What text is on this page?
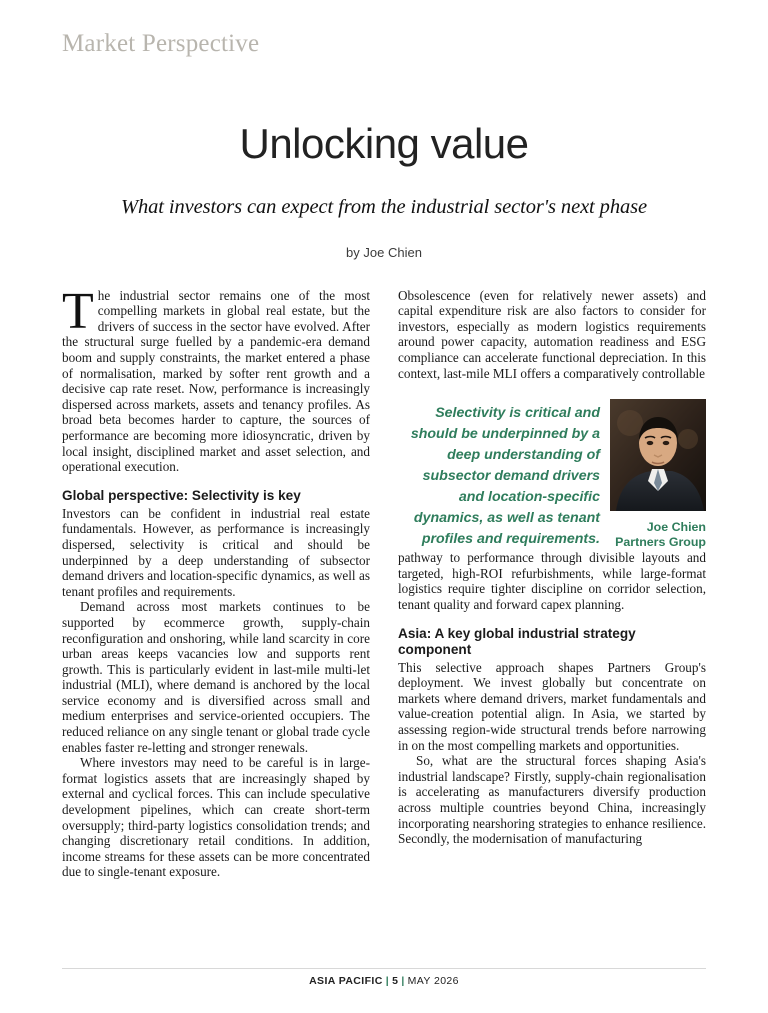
Market Perspective
Unlocking value
What investors can expect from the industrial sector's next phase
by Joe Chien

The industrial sector remains one of the most compelling markets in global real estate, but the drivers of success in the sector have evolved. After the structural surge fuelled by a pandemic-era demand boom and supply constraints, the market entered a phase of normalisation, marked by softer rent growth and a decisive cap rate reset. Now, performance is increasingly dispersed across markets, assets and tenancy profiles. As broad beta becomes harder to capture, the sources of performance are becoming more idiosyncratic, driven by local insight, disciplined market and asset selection, and operational execution.

Global perspective: Selectivity is key

Investors can be confident in industrial real estate fundamentals. However, as performance is increasingly dispersed, selectivity is critical and should be underpinned by a deep understanding of subsector demand drivers and location-specific dynamics, as well as tenant profiles and requirements.

Demand across most markets continues to be supported by ecommerce growth, supply-chain reconfiguration and onshoring, while land scarcity in core urban areas keeps vacancies low and supports rent growth. This is particularly evident in last-mile multi-let industrial (MLI), where demand is anchored by the local service economy and is diversified across small and medium enterprises and service-oriented occupiers. The reduced reliance on any single tenant or global trade cycle enables faster re-letting and stronger renewals.

Where investors may need to be careful is in large-format logistics assets that are increasingly shaped by external and cyclical forces. This can include speculative development pipelines, which can create short-term oversupply; third-party logistics consolidation trends; and changing discretionary retail conditions. In addition, income streams for these assets can be more concentrated due to single-tenant exposure.

Obsolescence (even for relatively newer assets) and capital expenditure risk are also factors to consider for investors, especially as modern logistics requirements around power capacity, automation readiness and ESG compliance can accelerate functional depreciation. In this context, last-mile MLI offers a comparatively controllable

Selectivity is critical and should be underpinned by a deep understanding of subsector demand drivers and location-specific dynamics, as well as tenant profiles and requirements.
Joe Chien
Partners Group

pathway to performance through divisible layouts and targeted, high-ROI refurbishments, while large-format logistics require tighter discipline on corridor selection, tenant quality and forward capex planning.

Asia: A key global industrial strategy component

This selective approach shapes Partners Group's deployment. We invest globally but concentrate on markets where demand drivers, market fundamentals and value-creation potential align. In Asia, we started by assessing region-wide structural trends before narrowing in on the most compelling markets and opportunities.

So, what are the structural forces shaping Asia's industrial landscape? Firstly, supply-chain regionalisation is accelerating as manufacturers diversify production across multiple countries beyond China, increasingly incorporating nearshoring strategies to enhance resilience. Secondly, the modernisation of manufacturing

ASIA PACIFIC | 5 | MAY 2026
